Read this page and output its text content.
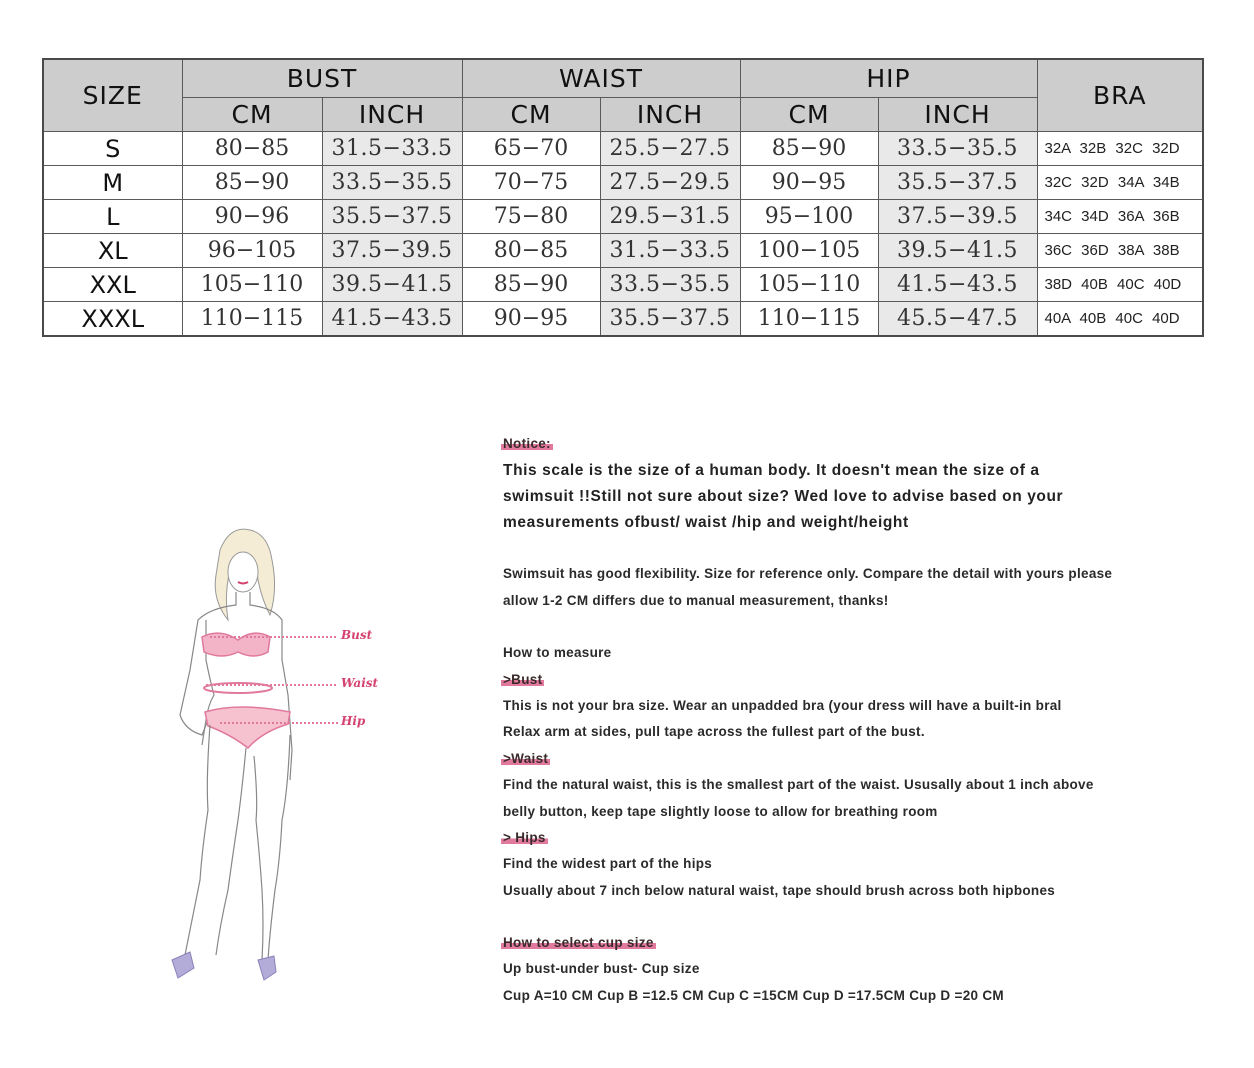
SIZE	BUST		WAIST		HIP		BRA
	CM	INCH	CM	INCH	CM	INCH	
S	80−85	31.5−33.5	65−70	25.5−27.5	85−90	33.5−35.5	32A 32B 32C 32D
M	85−90	33.5−35.5	70−75	27.5−29.5	90−95	35.5−37.5	32C 32D 34A 34B
L	90−96	35.5−37.5	75−80	29.5−31.5	95−100	37.5−39.5	34C 34D 36A 36B
XL	96−105	37.5−39.5	80−85	31.5−33.5	100−105	39.5−41.5	36C 36D 38A 38B
XXL	105−110	39.5−41.5	85−90	33.5−35.5	105−110	41.5−43.5	38D 40B 40C 40D
XXXL	110−115	41.5−43.5	90−95	35.5−37.5	110−115	45.5−47.5	40A 40B 40C 40D
Bust
Waist
Hip
Notice:
This scale is the size of a human body. It doesn't mean the size of a
swimsuit !!Still not sure about size? Wed love to advise based on your
measurements ofbust/ waist /hip and weight/height
Swimsuit has good flexibility. Size for reference only. Compare the detail with yours please
allow 1-2 CM differs due to manual measurement, thanks!
How to measure
>Bust
This is not your bra size. Wear an unpadded bra (your dress will have a built-in bral
Relax arm at sides, pull tape across the fullest part of the bust.
>Waist
Find the natural waist, this is the smallest part of the waist. Ususally about 1 inch above
belly button, keep tape slightly loose to allow for breathing room
> Hips
Find the widest part of the hips
Usually about 7 inch below natural waist, tape should brush across both hipbones
How to select cup size
Up bust-under bust- Cup size
Cup A=10 CM Cup B =12.5 CM Cup C =15CM Cup D =17.5CM Cup D =20 CM
